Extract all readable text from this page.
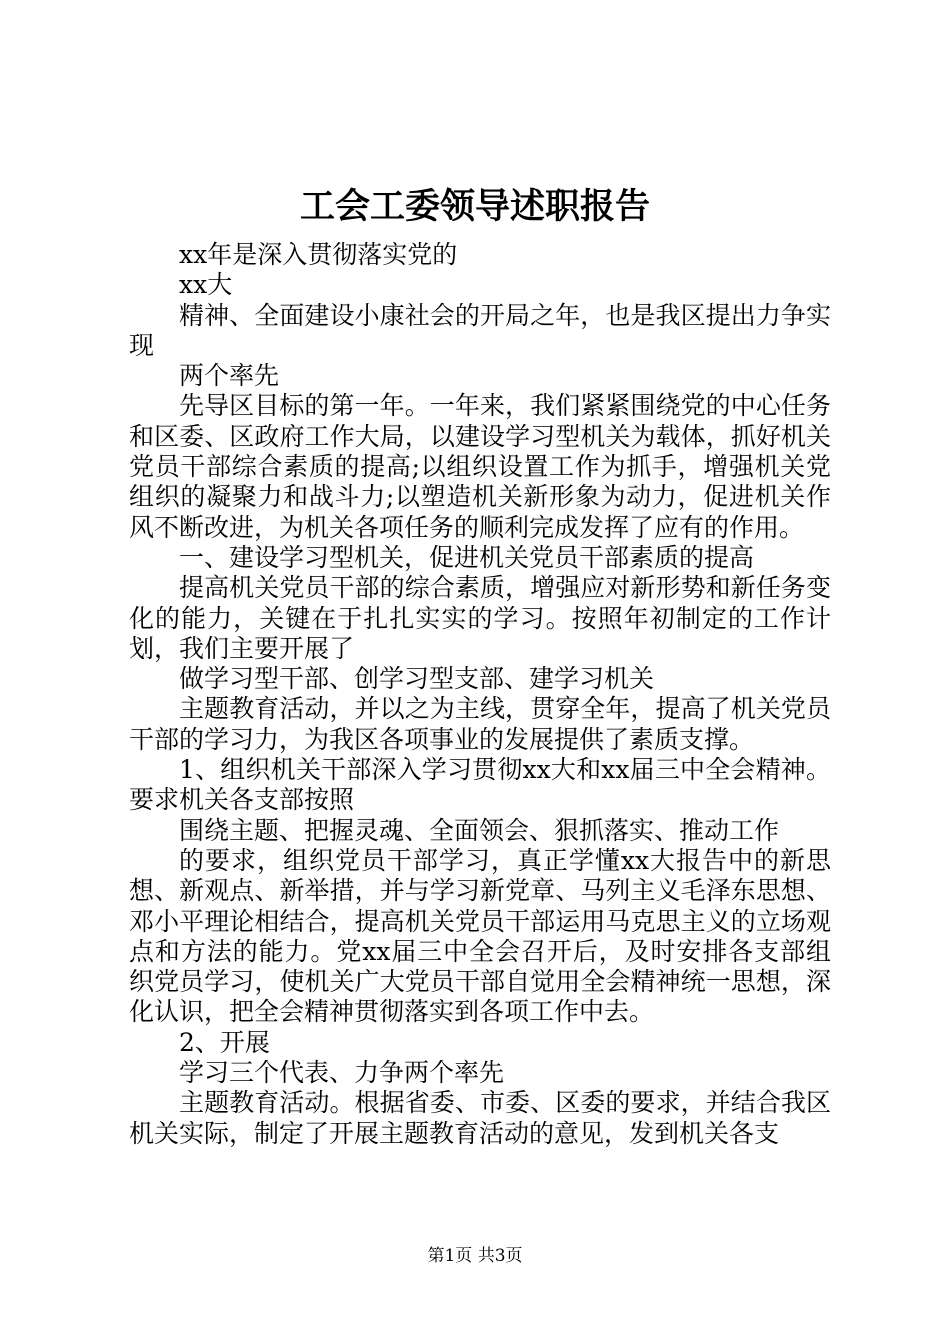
工会工委领导述职报告

xx年是深入贯彻落实党的

xx大

精神、全面建设小康社会的开局之年，也是我区提出力争实现

两个率先

先导区目标的第一年。一年来，我们紧紧围绕党的中心任务和区委、区政府工作大局，以建设学习型机关为载体，抓好机关党员干部综合素质的提高;以组织设置工作为抓手，增强机关党组织的凝聚力和战斗力;以塑造机关新形象为动力，促进机关作风不断改进，为机关各项任务的顺利完成发挥了应有的作用。

一、建设学习型机关，促进机关党员干部素质的提高

提高机关党员干部的综合素质，增强应对新形势和新任务变化的能力，关键在于扎扎实实的学习。按照年初制定的工作计划，我们主要开展了

做学习型干部、创学习型支部、建学习机关

主题教育活动，并以之为主线，贯穿全年，提高了机关党员干部的学习力，为我区各项事业的发展提供了素质支撑。

1、组织机关干部深入学习贯彻xx大和xx届三中全会精神。要求机关各支部按照

围绕主题、把握灵魂、全面领会、狠抓落实、推动工作

的要求，组织党员干部学习，真正学懂xx大报告中的新思想、新观点、新举措，并与学习新党章、马列主义毛泽东思想、邓小平理论相结合，提高机关党员干部运用马克思主义的立场观点和方法的能力。党xx届三中全会召开后，及时安排各支部组织党员学习，使机关广大党员干部自觉用全会精神统一思想，深化认识，把全会精神贯彻落实到各项工作中去。

2、开展

学习三个代表、力争两个率先

主题教育活动。根据省委、市委、区委的要求，并结合我区机关实际，制定了开展主题教育活动的意见，发到机关各支

第1页 共3页
